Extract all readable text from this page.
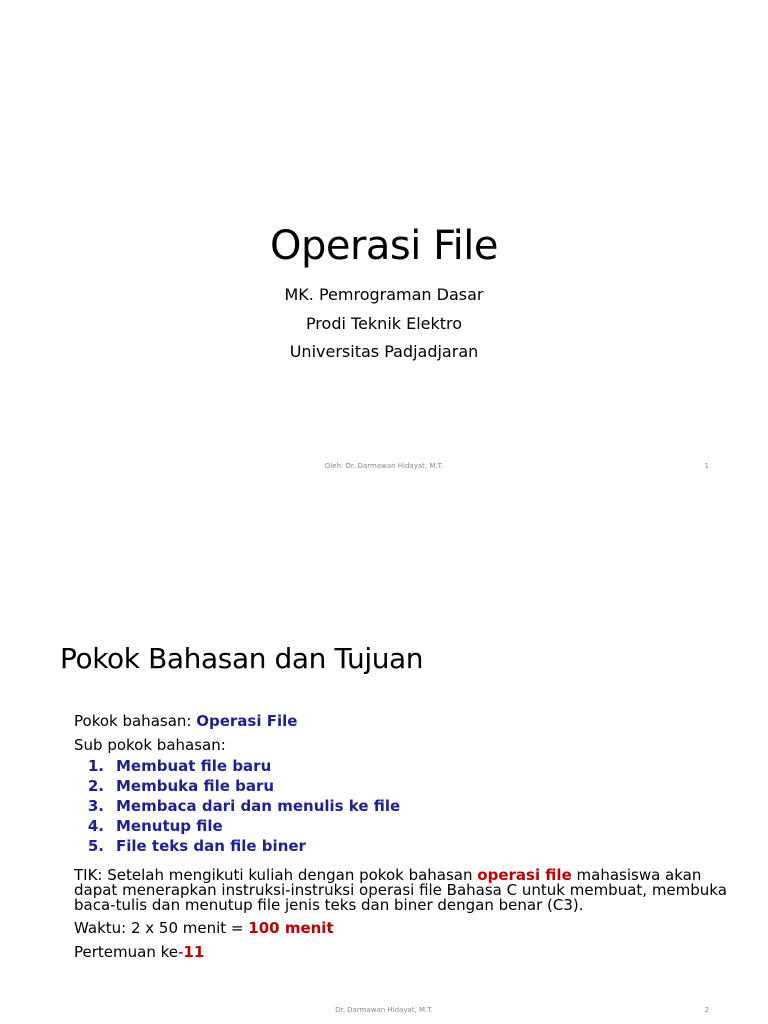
Operasi File
MK. Pemrograman Dasar
Prodi Teknik Elektro
Universitas Padjadjaran
Oleh: Dr. Darmawan Hidayat, M.T.	1
Pokok Bahasan dan Tujuan
Pokok bahasan: Operasi File
Sub pokok bahasan:
1. Membuat file baru
2. Membuka file baru
3. Membaca dari dan menulis ke file
4. Menutup file
5. File teks dan file biner
TIK: Setelah mengikuti kuliah dengan pokok bahasan operasi file mahasiswa akan dapat menerapkan instruksi-instruksi operasi file Bahasa C untuk membuat, membuka baca-tulis dan menutup file jenis teks dan biner dengan benar (C3).
Waktu: 2 x 50 menit = 100 menit
Pertemuan ke-11
Dr. Darmawan Hidayat, M.T.	2
